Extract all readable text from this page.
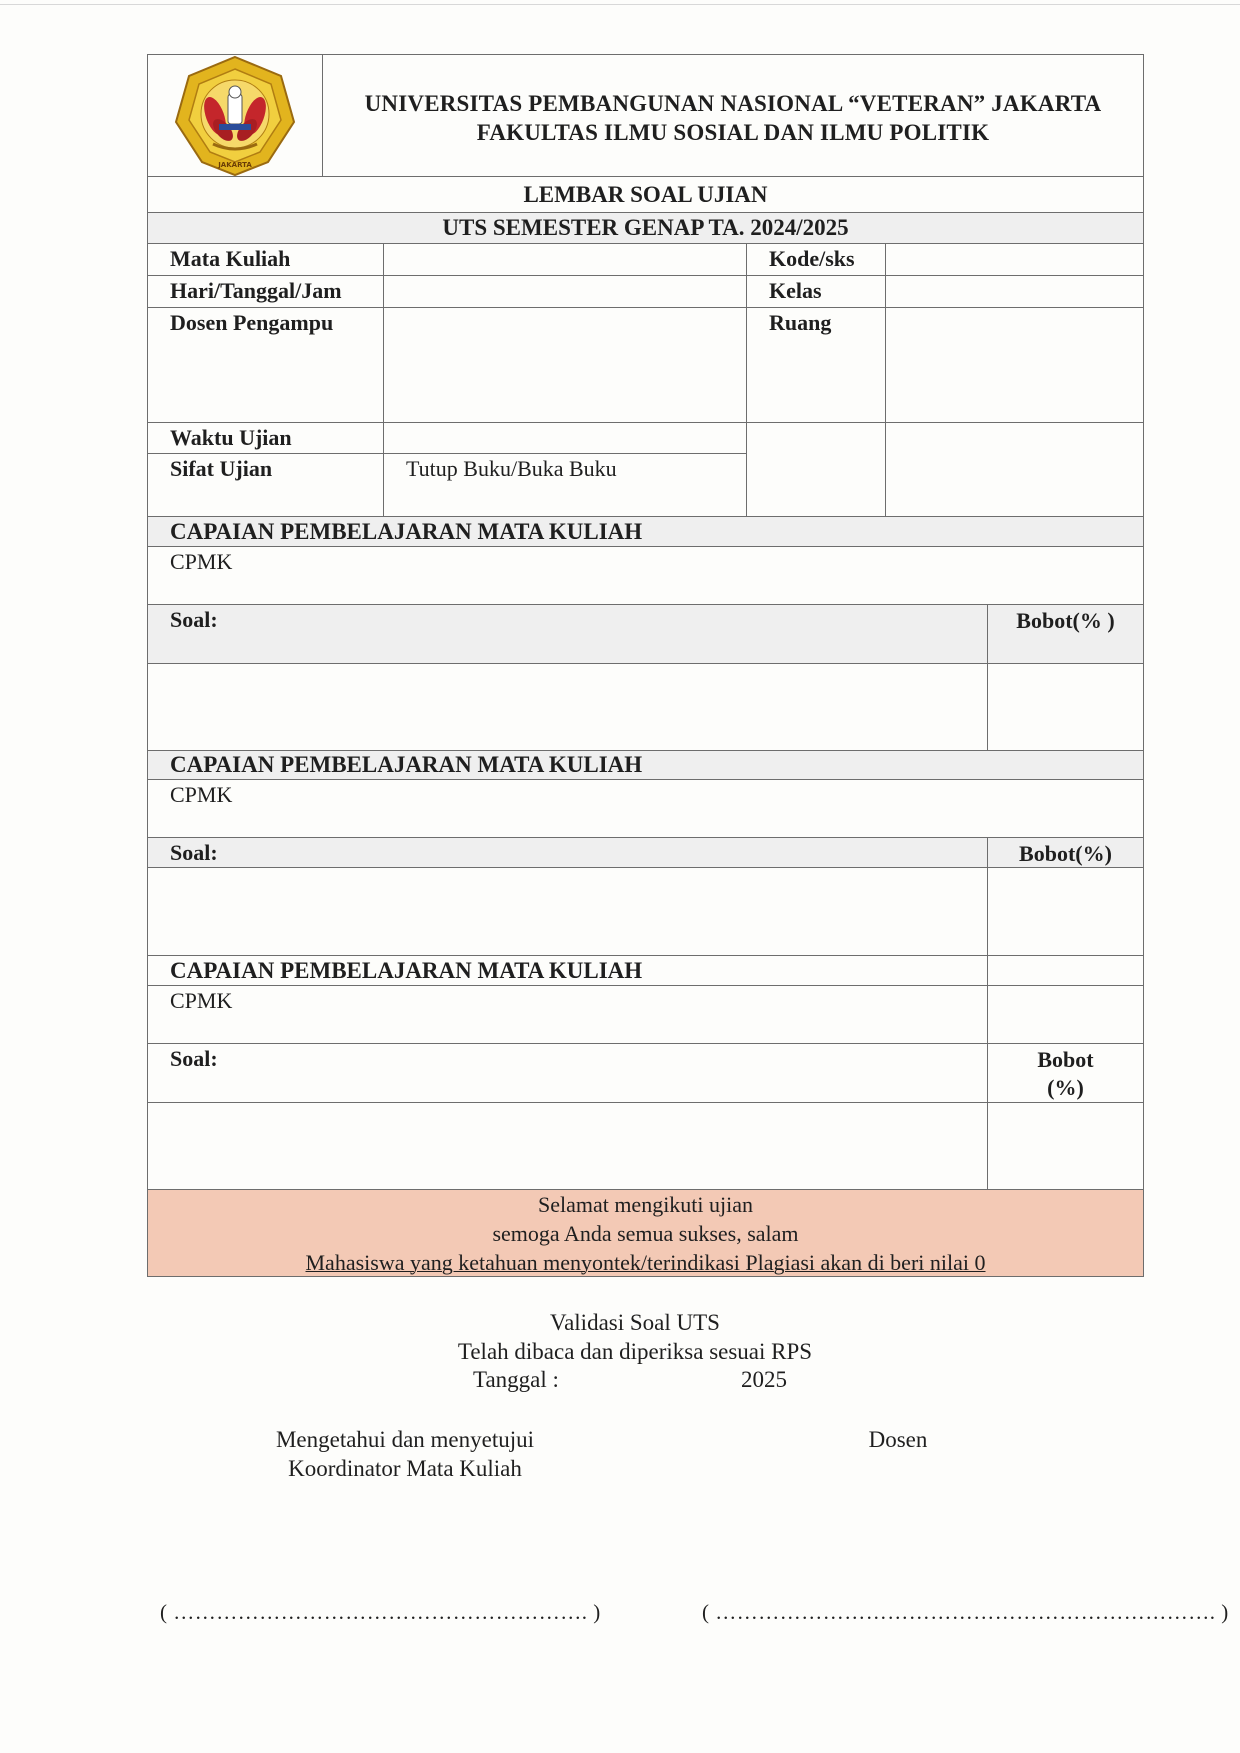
JAKARTA
UNIVERSITAS PEMBANGUNAN NASIONAL “VETERAN” JAKARTA
FAKULTAS ILMU SOSIAL DAN ILMU POLITIK
LEMBAR SOAL UJIAN
UTS SEMESTER GENAP TA. 2024/2025
Mata Kuliah	Kode/sks
Hari/Tanggal/Jam	Kelas
Dosen Pengampu	Ruang
Waktu Ujian
Sifat Ujian	Tutup Buku/Buka Buku
CAPAIAN PEMBELAJARAN MATA KULIAH
CPMK
Soal:	Bobot(% )
CAPAIAN PEMBELAJARAN MATA KULIAH
CPMK
Soal:	Bobot(%)
CAPAIAN PEMBELAJARAN MATA KULIAH
CPMK
Soal:	Bobot (%)
Selamat mengikuti ujian
semoga Anda semua sukses, salam
Mahasiswa yang ketahuan menyontek/terindikasi Plagiasi akan di beri nilai 0
Validasi Soal UTS
Telah dibaca dan diperiksa sesuai RPS
Tanggal :	2025
Mengetahui dan menyetujui
Koordinator Mata Kuliah
Dosen
( …………………………………………………. )	( ……………………………………………………………. )
